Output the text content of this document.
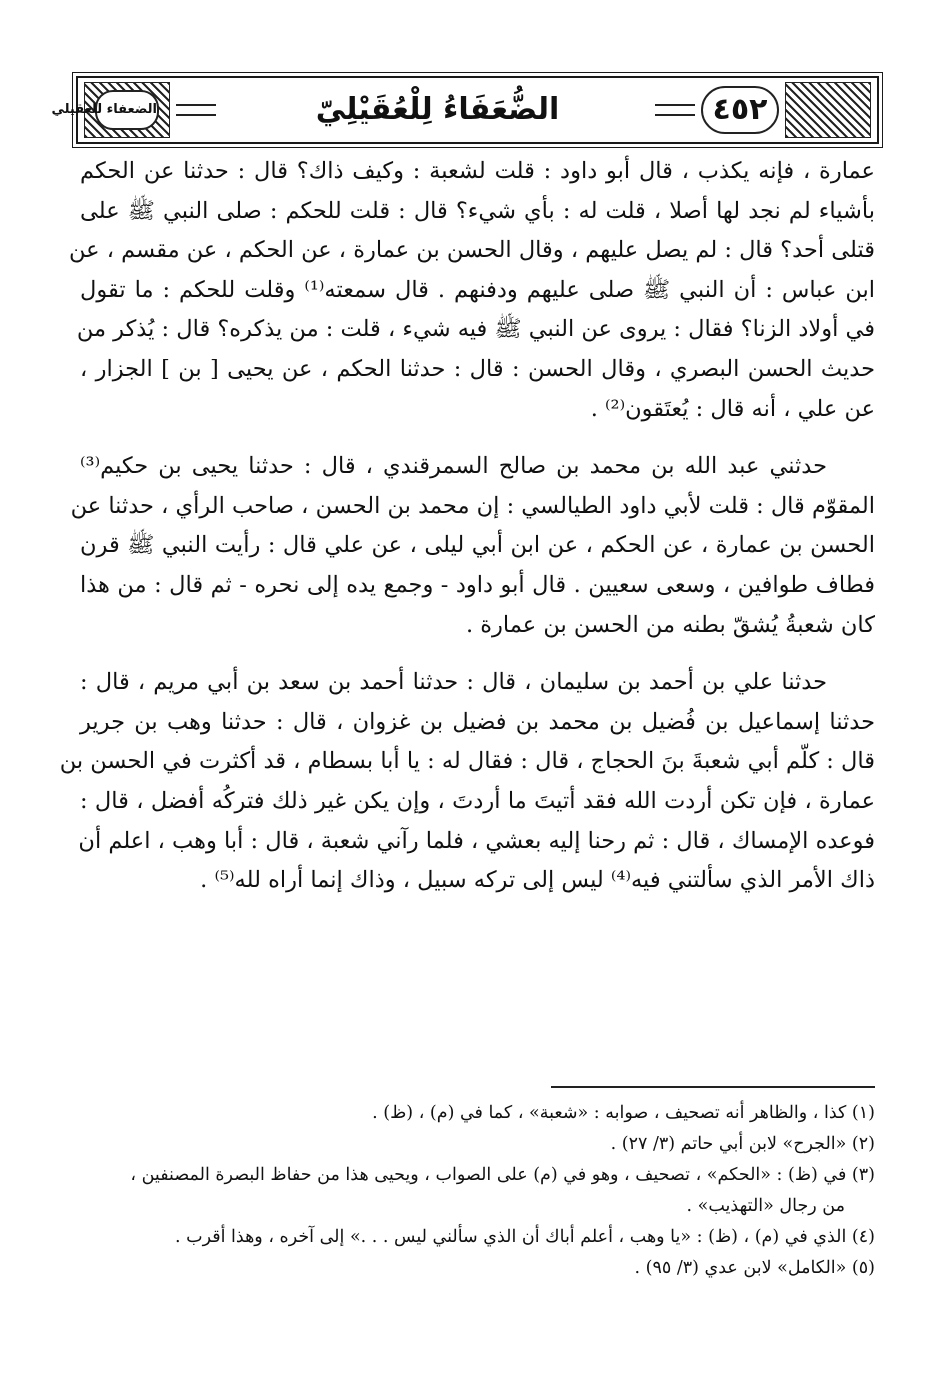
الضعفاء للعقيلي	٤٥٢
الضُّعَفَاءُ لِلْعُقَيْلِيّ
عمارة ، فإنه يكذب ، قال أبو داود : قلت لشعبة : وكيف ذاك؟ قال : حدثنا عن الحكم
بأشياء لم نجد لها أصلا ، قلت له : بأي شيء؟ قال : قلت للحكم : صلى النبي ﷺ على
قتلى أحد؟ قال : لم يصل عليهم ، وقال الحسن بن عمارة ، عن الحكم ، عن مقسم ، عن
ابن عباس : أن النبي ﷺ صلى عليهم ودفنهم . قال سمعته⁽¹⁾ وقلت للحكم : ما تقول
في أولاد الزنا؟ فقال : يروى عن النبي ﷺ فيه شيء ، قلت : من يذكره؟ قال : يُذكر من
حديث الحسن البصري ، وقال الحسن : قال : حدثنا الحكم ، عن يحيى [ بن ] الجزار ،
عن علي ، أنه قال : يُعتَقون⁽²⁾ .
حدثني عبد الله بن محمد بن صالح السمرقندي ، قال : حدثنا يحيى بن حكيم⁽³⁾
المقوّم قال : قلت لأبي داود الطيالسي : إن محمد بن الحسن ، صاحب الرأي ، حدثنا عن
الحسن بن عمارة ، عن الحكم ، عن ابن أبي ليلى ، عن علي قال : رأيت النبي ﷺ قرن
فطاف طوافين ، وسعى سعيين . قال أبو داود - وجمع يده إلى نحره - ثم قال : من هذا
كان شعبةُ يُشقّ بطنه من الحسن بن عمارة .
حدثنا علي بن أحمد بن سليمان ، قال : حدثنا أحمد بن سعد بن أبي مريم ، قال :
حدثنا إسماعيل بن فُضيل بن محمد بن فضيل بن غزوان ، قال : حدثنا وهب بن جرير
قال : كلّم أبي شعبةَ بنَ الحجاج ، قال : فقال له : يا أبا بسطام ، قد أكثرت في الحسن بن
عمارة ، فإن تكن أردت الله فقد أتيتَ ما أردتَ ، وإن يكن غير ذلك فتركُه أفضل ، قال :
فوعده الإمساك ، قال : ثم رحنا إليه بعشي ، فلما رآني شعبة ، قال : أبا وهب ، اعلم أن
ذاك الأمر الذي سألتني فيه⁽⁴⁾ ليس إلى تركه سبيل ، وذاك إنما أراه لله⁽⁵⁾ .
(١) كذا ، والظاهر أنه تصحيف ، صوابه : «شعبة» ، كما في (م) ، (ظ) .
(٢) «الجرح» لابن أبي حاتم (٣/ ٢٧) .
(٣) في (ظ) : «الحكم» ، تصحيف ، وهو في (م) على الصواب ، ويحيى هذا من حفاظ البصرة المصنفين ،
من رجال «التهذيب» .
(٤) الذي في (م) ، (ظ) : «يا وهب ، أعلم أباك أن الذي سألني ليس . . .» إلى آخره ، وهذا أقرب .
(٥) «الكامل» لابن عدي (٣/ ٩٥) .
